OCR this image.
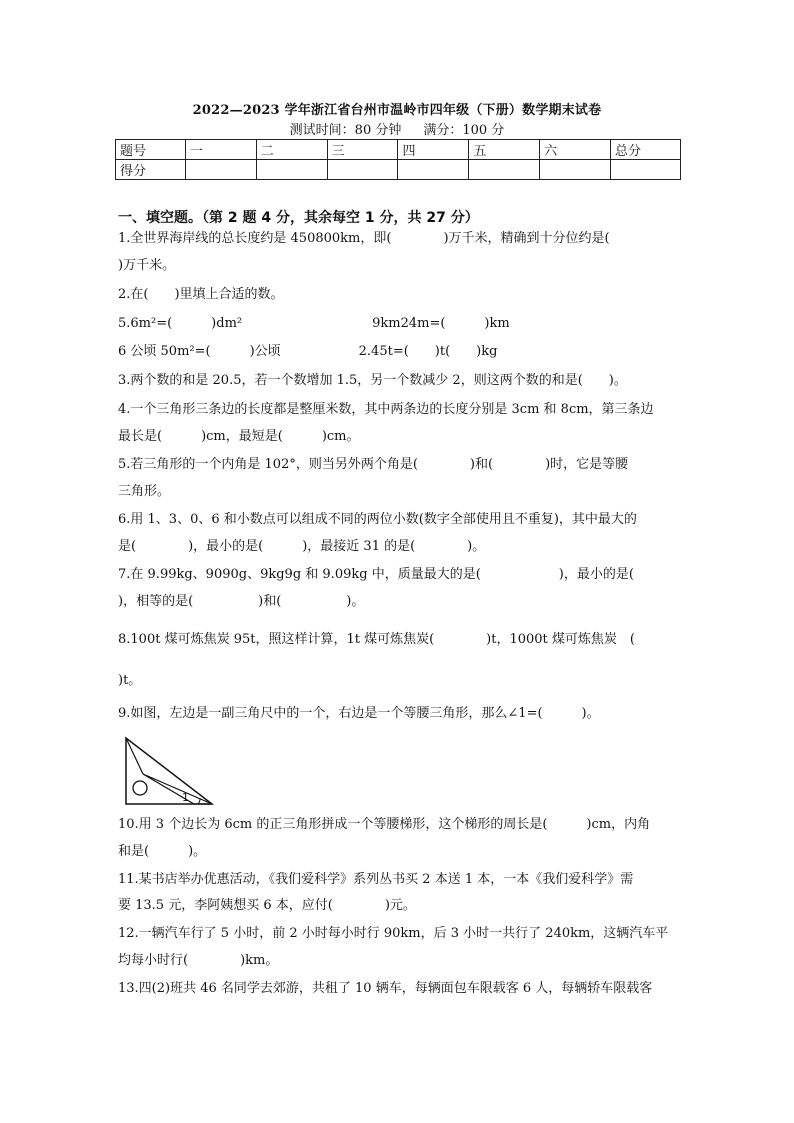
2022—2023 学年浙江省台州市温岭市四年级（下册）数学期末试卷
测试时间：80 分钟 满分：100 分
题号	一	二	三	四	五	六	总分
得分							
一、填空题。（第 2 题 4 分，其余每空 1 分，共 27 分）
1.全世界海岸线的总长度约是 450800km，即(　　　　)万千米，精确到十分位约是(
)万千米。
2.在(　　)里填上合适的数。
5.6m²=(　　　)dm²　　　　　　　　　　9km24m=(　　　)km
6 公顷 50m²=(　　　)公顷　　　　　　2.45t=(　　)t(　　)kg
3.两个数的和是 20.5，若一个数增加 1.5，另一个数减少 2，则这两个数的和是(　　)。
4.一个三角形三条边的长度都是整厘米数，其中两条边的长度分别是 3cm 和 8cm，第三条边
最长是(　　　)cm，最短是(　　　)cm。
5.若三角形的一个内角是 102°，则当另外两个角是(　　　　)和(　　　　)时，它是等腰
三角形。
6.用 1、3、0、6 和小数点可以组成不同的两位小数(数字全部使用且不重复)，其中最大的
是(　　　　)，最小的是(　　　)，最接近 31 的是(　　　　)。
7.在 9.99kg、9090g、9kg9g 和 9.09kg 中，质量最大的是(　　　　　　)，最小的是(
)，相等的是(　　　　　)和(　　　　　)。
8.100t 煤可炼焦炭 95t，照这样计算，1t 煤可炼焦炭(　　　　)t，1000t 煤可炼焦炭　(
)t。
9.如图，左边是一副三角尺中的一个，右边是一个等腰三角形，那么∠1=(　　　)。
1
10.用 3 个边长为 6cm 的正三角形拼成一个等腰梯形，这个梯形的周长是(　　　)cm，内角
和是(　　　)。
11.某书店举办优惠活动，《我们爱科学》系列丛书买 2 本送 1 本，一本《我们爱科学》需
要 13.5 元，李阿姨想买 6 本，应付(　　　　)元。
12.一辆汽车行了 5 小时，前 2 小时每小时行 90km，后 3 小时一共行了 240km，这辆汽车平
均每小时行(　　　　)km。
13.四(2)班共 46 名同学去郊游，共租了 10 辆车，每辆面包车限载客 6 人，每辆轿车限载客
